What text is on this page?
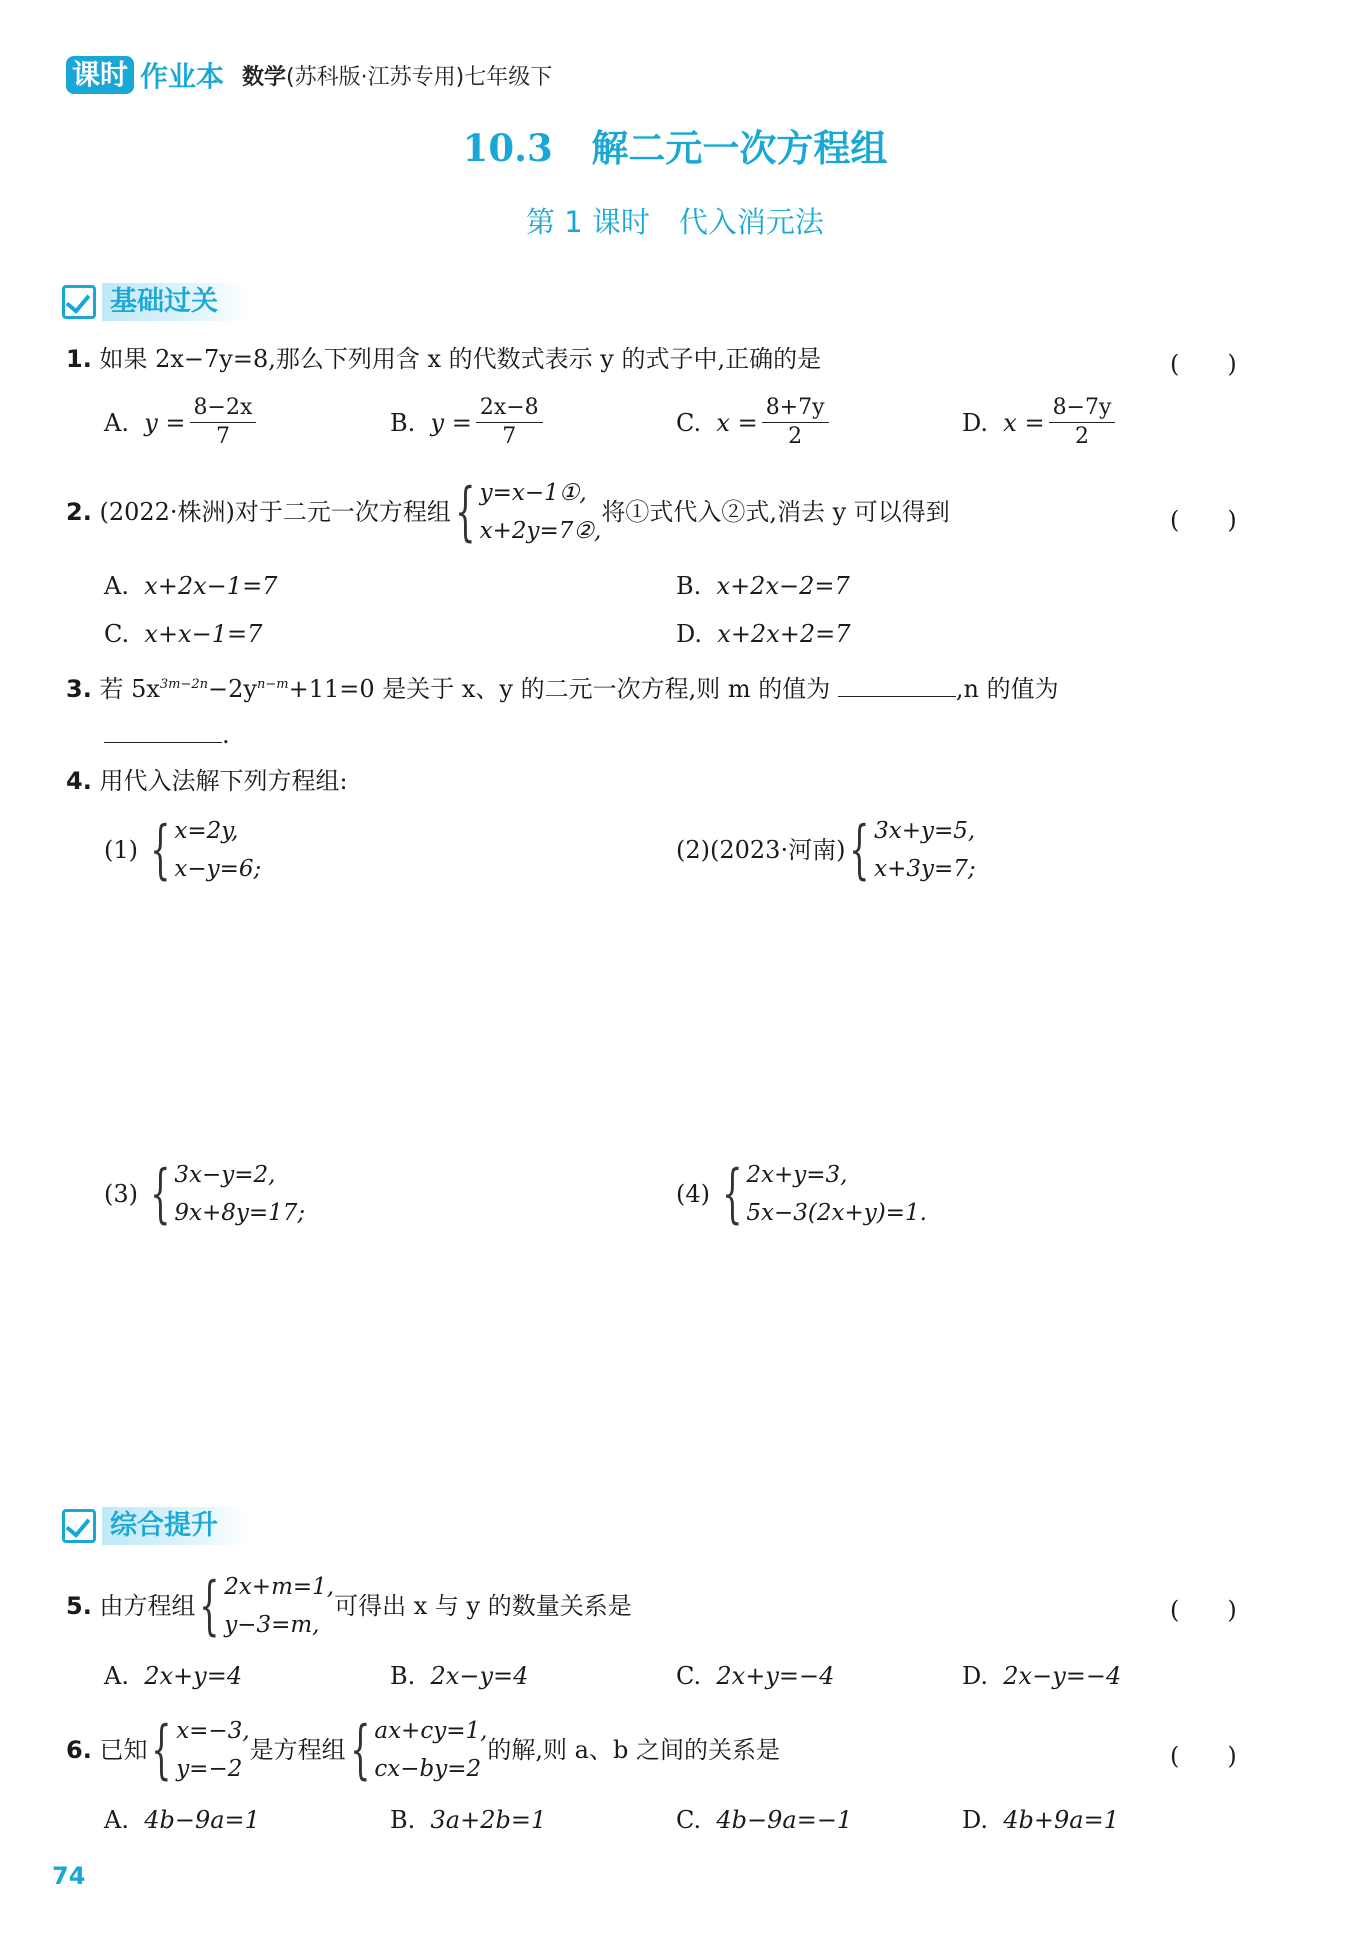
课时 作业本 数学(苏科版·江苏专用)七年级下
10.3 解二元一次方程组
第 1 课时　代入消元法
基础过关
1. 如果 2x−7y=8,那么下列用含 x 的代数式表示 y 的式子中,正确的是	(　　)
A.
$y = \frac{8-2x}{7}$	B.
$y = \frac{2x-8}{7}$	C.
$x = \frac{8+7y}{2}$	D.
$x = \frac{8-7y}{2}$
2.
(2022·株洲)对于二元一次方程组 { y=x−1①,
x+2y=7②,
将①式代入②式,消去 y 可以得到	(　　)
A.
x+2x−1=7	B.
x+2x−2=7
C.
x+x−1=7	D.
x+2x+2=7
3. 若 $5x^{3m-2n}-2y^{n-m}+11=0$ 是关于 x、y 的二元一次方程,则 m 的值为	,n 的值为
.
4. 用代入法解下列方程组:
(1)
{ x=2y,
x−y=6;
(2)(2023·河南) { 3x+y=5,
x+3y=7;
(3)
{ 3x−y=2,
9x+8y=17;
(4)
{ 2x+y=3,
5x−3(2x+y)=1.
综合提升
5.
由方程组 { 2x+m=1,
y−3=m,
可得出 x 与 y 的数量关系是	(　　)
A.
2x+y=4	B.
2x−y=4	C.
2x+y=−4	D.
2x−y=−4
6.
已知 { x=−3,
y=−2
是方程组 { ax+cy=1,
cx−by=2
的解,则 a、b 之间的关系是	(　　)
A.
4b−9a=1	B.
3a+2b=1	C.
4b−9a=−1	D.
4b+9a=1
74
